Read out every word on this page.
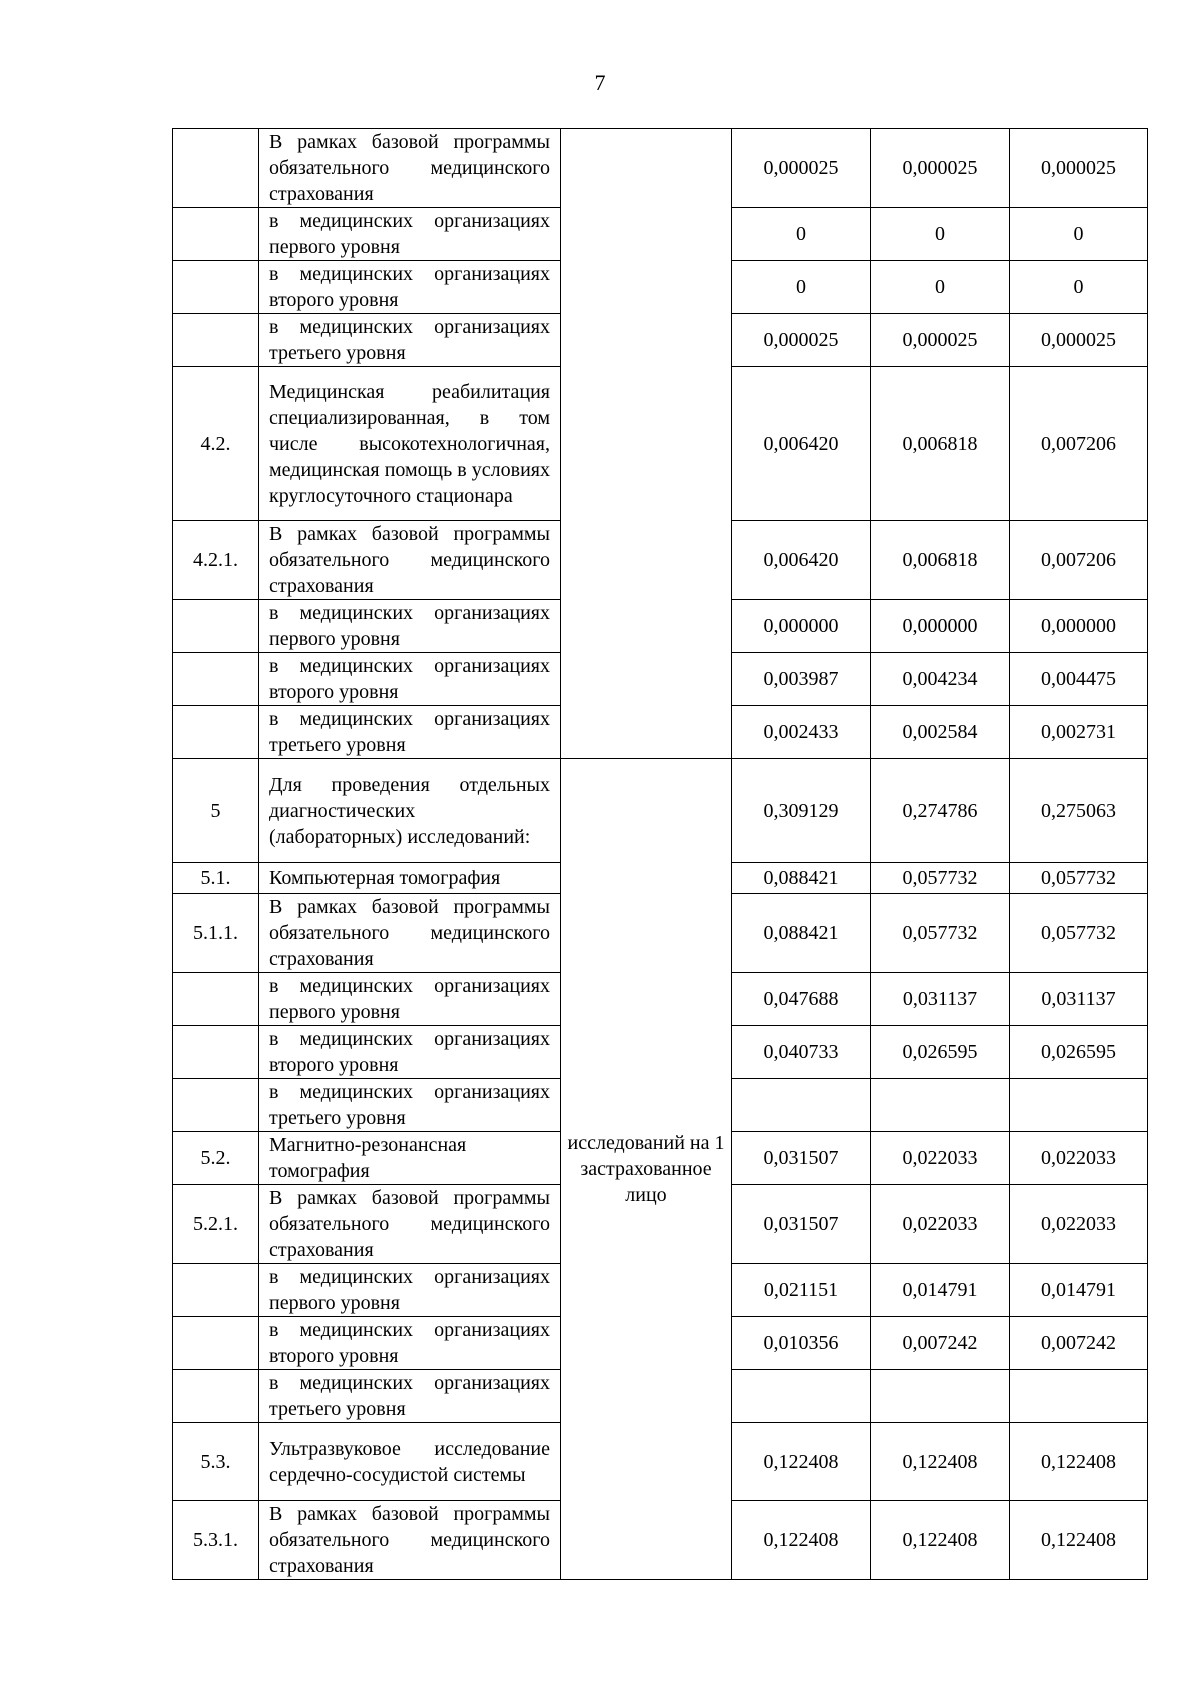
7
	В рамках базовой программы обязательного медицинского страхования		0,000025	0,000025	0,000025
	в медицинских организациях первого уровня		0	0	0
	в медицинских организациях второго уровня		0	0	0
	в медицинских организациях третьего уровня		0,000025	0,000025	0,000025
4.2.	Медицинская реабилитация специализированная, в том числе высокотехнологичная, медицинская помощь в условиях круглосуточного стационара		0,006420	0,006818	0,007206
4.2.1.	В рамках базовой программы обязательного медицинского страхования		0,006420	0,006818	0,007206
	в медицинских организациях первого уровня		0,000000	0,000000	0,000000
	в медицинских организациях второго уровня		0,003987	0,004234	0,004475
	в медицинских организациях третьего уровня		0,002433	0,002584	0,002731
5	Для проведения отдельных диагностических (лабораторных) исследований:	исследований на 1 застрахованное лицо	0,309129	0,274786	0,275063
5.1.	Компьютерная томография		0,088421	0,057732	0,057732
5.1.1.	В рамках базовой программы обязательного медицинского страхования		0,088421	0,057732	0,057732
	в медицинских организациях первого уровня		0,047688	0,031137	0,031137
	в медицинских организациях второго уровня		0,040733	0,026595	0,026595
	в медицинских организациях третьего уровня				
5.2.	Магнитно-резонансная томография		0,031507	0,022033	0,022033
5.2.1.	В рамках базовой программы обязательного медицинского страхования		0,031507	0,022033	0,022033
	в медицинских организациях первого уровня		0,021151	0,014791	0,014791
	в медицинских организациях второго уровня		0,010356	0,007242	0,007242
	в медицинских организациях третьего уровня				
5.3.	Ультразвуковое исследование сердечно-сосудистой системы		0,122408	0,122408	0,122408
5.3.1.	В рамках базовой программы обязательного медицинского страхования		0,122408	0,122408	0,122408
